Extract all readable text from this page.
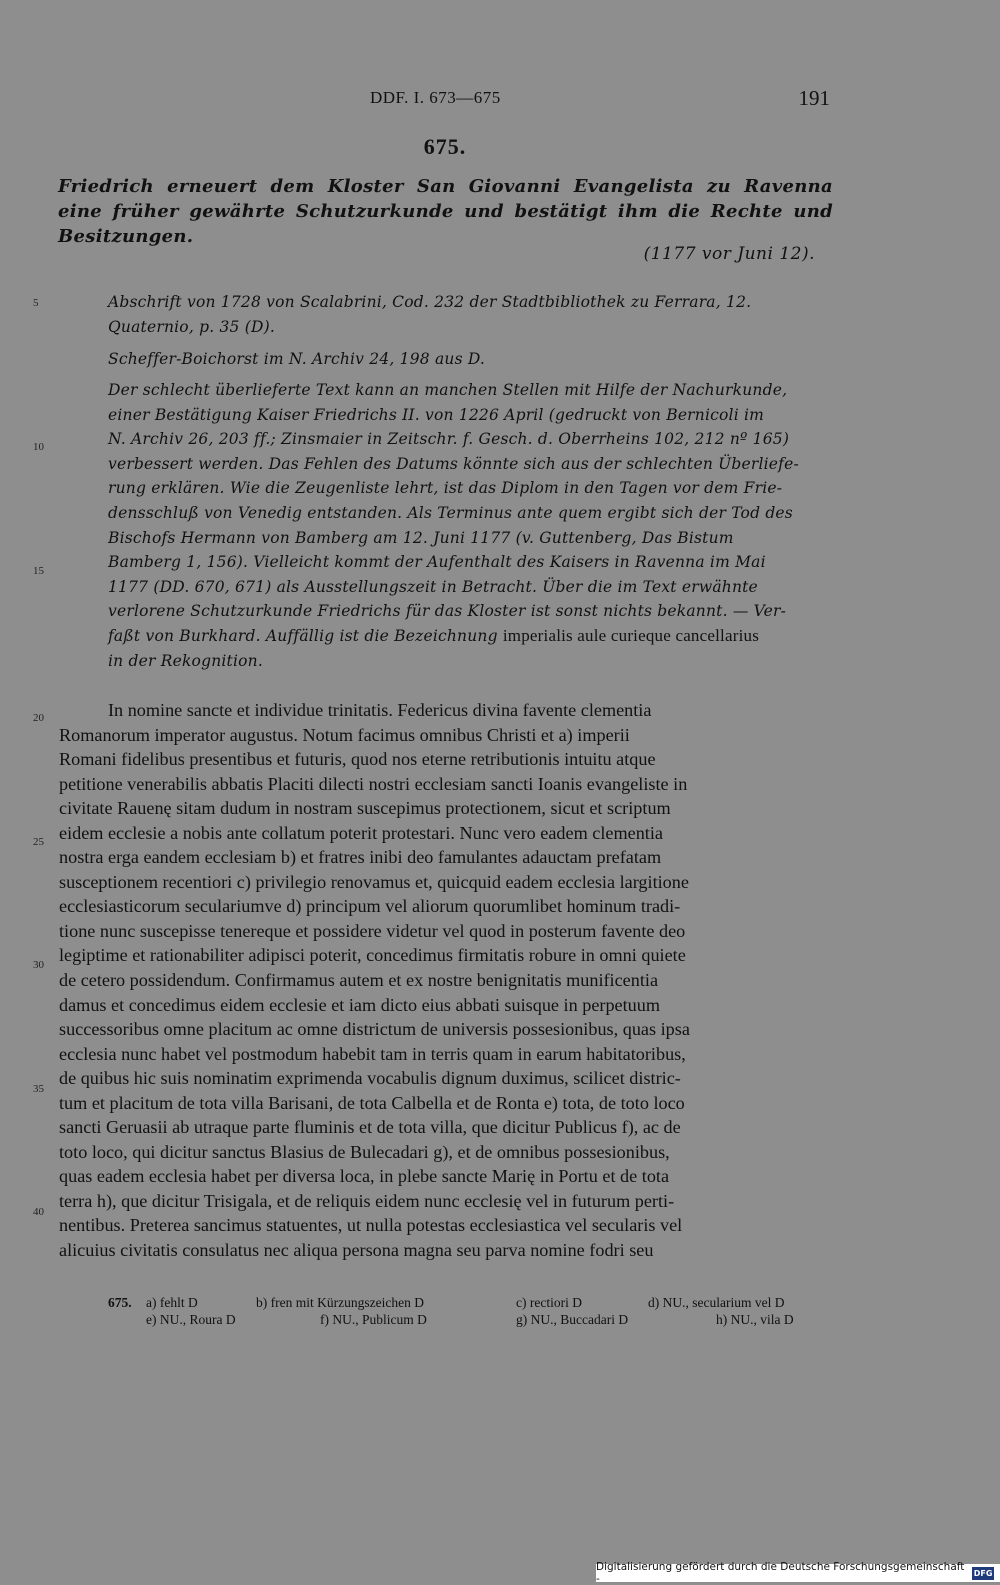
DDF. I. 673—675	191
675.
Friedrich erneuert dem Kloster San Giovanni Evangelista zu Ravenna
eine früher gewährte Schutzurkunde und bestätigt ihm die Rechte und Besitzungen.
(1177 vor Juni 12).
5
10
15
20
25
30
35
40
Abschrift von 1728 von Scalabrini, Cod. 232 der Stadtbibliothek zu Ferrara, 12.
Quaternio, p. 35 (D).
Scheffer-Boichorst im N. Archiv 24, 198 aus D.
Der schlecht überlieferte Text kann an manchen Stellen mit Hilfe der Nachurkunde,
einer Bestätigung Kaiser Friedrichs II. von 1226 April (gedruckt von Bernicoli im
N. Archiv 26, 203 ff.; Zinsmaier in Zeitschr. f. Gesch. d. Oberrheins 102, 212 nº 165)
verbessert werden. Das Fehlen des Datums könnte sich aus der schlechten Überliefe-
rung erklären. Wie die Zeugenliste lehrt, ist das Diplom in den Tagen vor dem Frie-
densschluß von Venedig entstanden. Als Terminus ante quem ergibt sich der Tod des
Bischofs Hermann von Bamberg am 12. Juni 1177 (v. Guttenberg, Das Bistum
Bamberg 1, 156). Vielleicht kommt der Aufenthalt des Kaisers in Ravenna im Mai
1177 (DD. 670, 671) als Ausstellungszeit in Betracht. Über die im Text erwähnte
verlorene Schutzurkunde Friedrichs für das Kloster ist sonst nichts bekannt. — Ver-
faßt von Burkhard. Auffällig ist die Bezeichnung imperialis aule curieque cancellarius
in der Rekognition.
In nomine sancte et individue trinitatis. Federicus divina favente clementia
Romanorum imperator augustus. Notum facimus omnibus Christi et a) imperii
Romani fidelibus presentibus et futuris, quod nos eterne retributionis intuitu atque
petitione venerabilis abbatis Placiti dilecti nostri ecclesiam sancti Ioanis evangeliste in
civitate Rauenę sitam dudum in nostram suscepimus protectionem, sicut et scriptum
eidem ecclesie a nobis ante collatum poterit protestari. Nunc vero eadem clementia
nostra erga eandem ecclesiam b) et fratres inibi deo famulantes adauctam prefatam
susceptionem recentiori c) privilegio renovamus et, quicquid eadem ecclesia largitione
ecclesiasticorum seculariumve d) principum vel aliorum quorumlibet hominum tradi-
tione nunc suscepisse tenereque et possidere videtur vel quod in posterum favente deo
legiptime et rationabiliter adipisci poterit, concedimus firmitatis robure in omni quiete
de cetero possidendum. Confirmamus autem et ex nostre benignitatis munificentia
damus et concedimus eidem ecclesie et iam dicto eius abbati suisque in perpetuum
successoribus omne placitum ac omne districtum de universis possesionibus, quas ipsa
ecclesia nunc habet vel postmodum habebit tam in terris quam in earum habitatoribus,
de quibus hic suis nominatim exprimenda vocabulis dignum duximus, scilicet distric-
tum et placitum de tota villa Barisani, de tota Calbella et de Ronta e) tota, de toto loco
sancti Geruasii ab utraque parte fluminis et de tota villa, que dicitur Publicus f), ac de
toto loco, qui dicitur sanctus Blasius de Bulecadari g), et de omnibus possesionibus,
quas eadem ecclesia habet per diversa loca, in plebe sancte Marię in Portu et de tota
terra h), que dicitur Trisigala, et de reliquis eidem nunc ecclesię vel in futurum perti-
nentibus. Preterea sancimus statuentes, ut nulla potestas ecclesiastica vel secularis vel
alicuius civitatis consulatus nec aliqua persona magna seu parva nomine fodri seu
675. a) fehlt D	b) fren mit Kürzungszeichen D	c) rectiori D	d) NU., secularium vel D
e) NU., Roura D	f) NU., Publicum D	g) NU., Buccadari D	h) NU., vila D
Digitalisierung gefördert durch die Deutsche Forschungsgemeinschaft -	DFG
